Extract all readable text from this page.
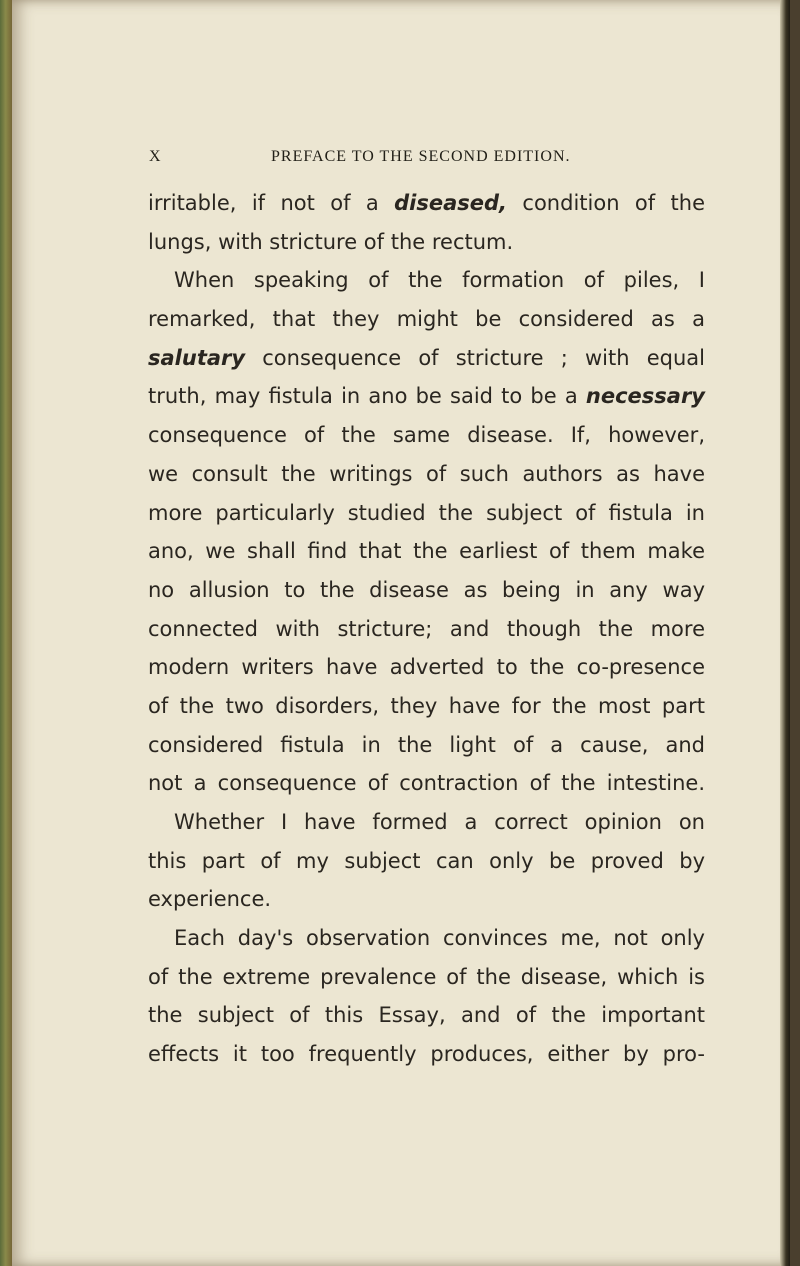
X	PREFACE TO THE SECOND EDITION.
irritable, if not of a diseased, condition of the
lungs, with stricture of the rectum.
When speaking of the formation of piles, I
remarked, that they might be considered as a
salutary consequence of stricture ; with equal
truth, may fistula in ano be said to be a necessary
consequence of the same disease. If, however,
we consult the writings of such authors as have
more particularly studied the subject of fistula in
ano, we shall find that the earliest of them make
no allusion to the disease as being in any way
connected with stricture; and though the more
modern writers have adverted to the co-presence
of the two disorders, they have for the most part
considered fistula in the light of a cause, and
not a consequence of contraction of the intestine.
Whether I have formed a correct opinion on
this part of my subject can only be proved by
experience.
Each day's observation convinces me, not only
of the extreme prevalence of the disease, which is
the subject of this Essay, and of the important
effects it too frequently produces, either by pro-
